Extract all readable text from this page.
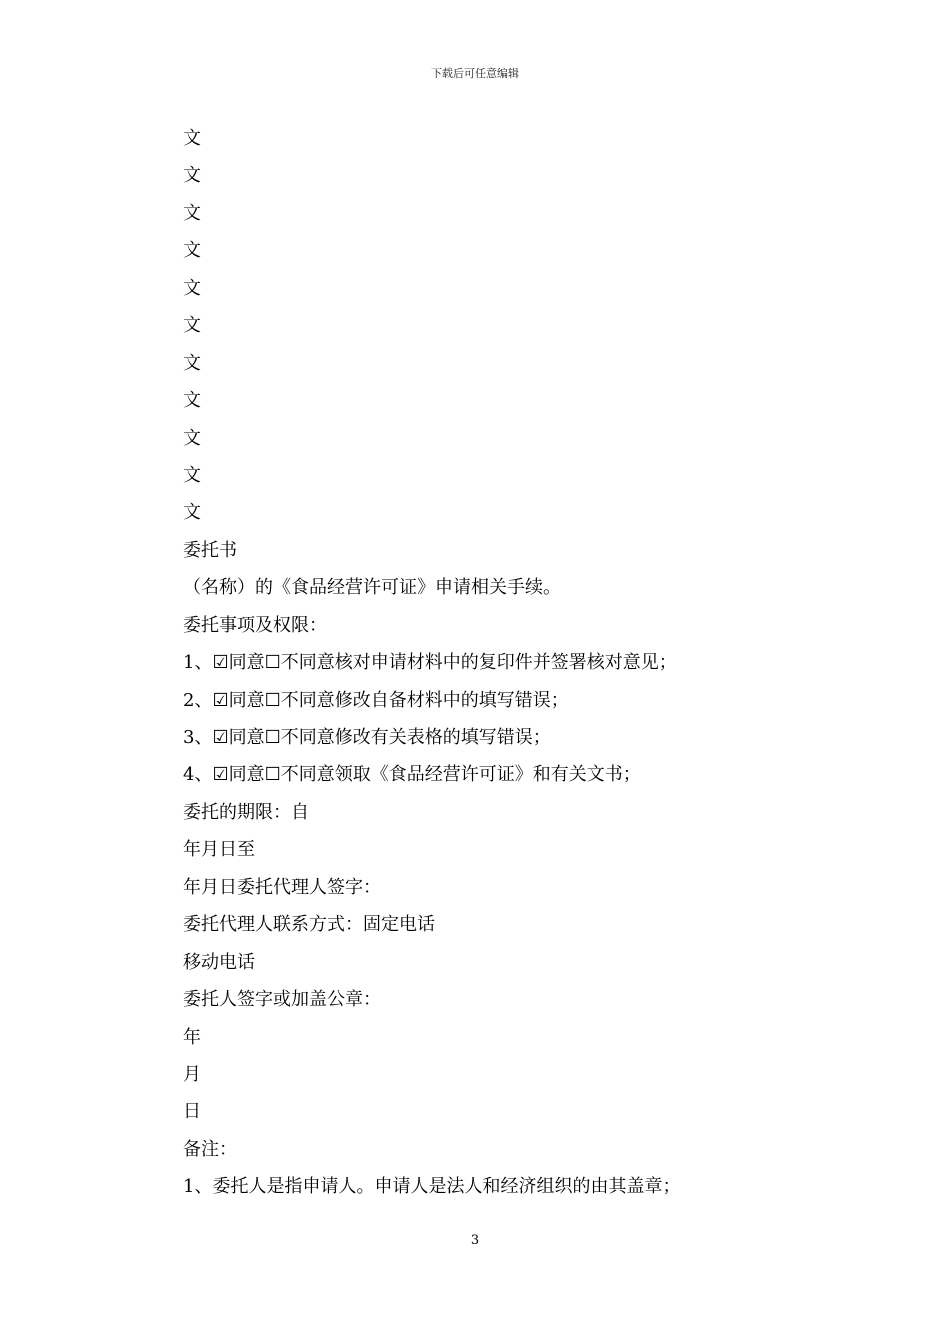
下载后可任意编辑
文
文
文
文
文
文
文
文
文
文
文
委托书
（名称）的《食品经营许可证》申请相关手续。
委托事项及权限：
1、☑同意☐不同意核对申请材料中的复印件并签署核对意见；
2、☑同意☐不同意修改自备材料中的填写错误；
3、☑同意☐不同意修改有关表格的填写错误；
4、☑同意☐不同意领取《食品经营许可证》和有关文书；
委托的期限：自
年月日至
年月日委托代理人签字：
委托代理人联系方式：固定电话
移动电话
委托人签字或加盖公章：
年
月
日
备注：
1、委托人是指申请人。申请人是法人和经济组织的由其盖章；
3
